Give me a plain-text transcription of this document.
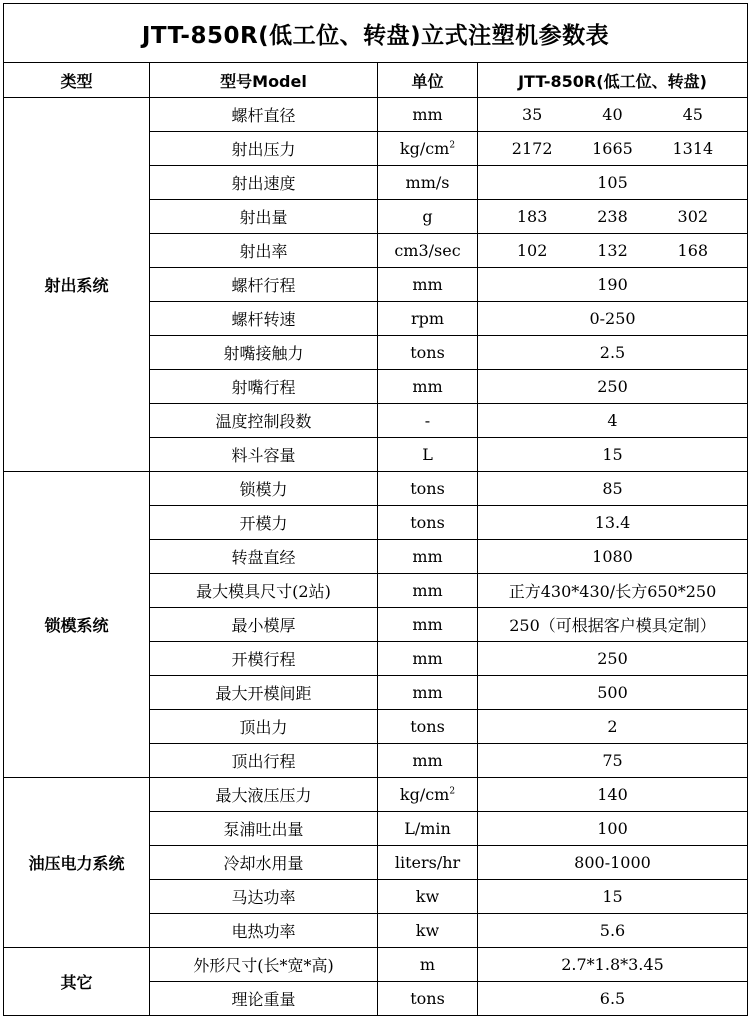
JTT-850R(低工位、转盘)立式注塑机参数表			
类型	型号Model	单位	JTT-850R(低工位、转盘)
射出系统	螺杆直径	mm	35 40 45

	射出压力	$kg/cm^2$	2172 1665 1314

	射出速度	mm/s	105
	射出量	g	183 238 302

	射出率	cm3/sec	102 132 168

	螺杆行程	mm	190
	螺杆转速	rpm	0-250
	射嘴接触力	tons	2.5
	射嘴行程	mm	250
	温度控制段数	-	4
	料斗容量	L	15
锁模系统	锁模力	tons	85
	开模力	tons	13.4
	转盘直经	mm	1080
	最大模具尺寸(2站)	mm	正方430*430/长方650*250
	最小模厚	mm	250（可根据客户模具定制）
	开模行程	mm	250
	最大开模间距	mm	500
	顶出力	tons	2
	顶出行程	mm	75
油压电力系统	最大液压压力	$kg/cm^2$	140
	泵浦吐出量	L/min	100
	冷却水用量	liters/hr	800-1000
	马达功率	kw	15
	电热功率	kw	5.6
其它	外形尺寸(长*宽*高)	m	2.7*1.8*3.45
	理论重量	tons	6.5
